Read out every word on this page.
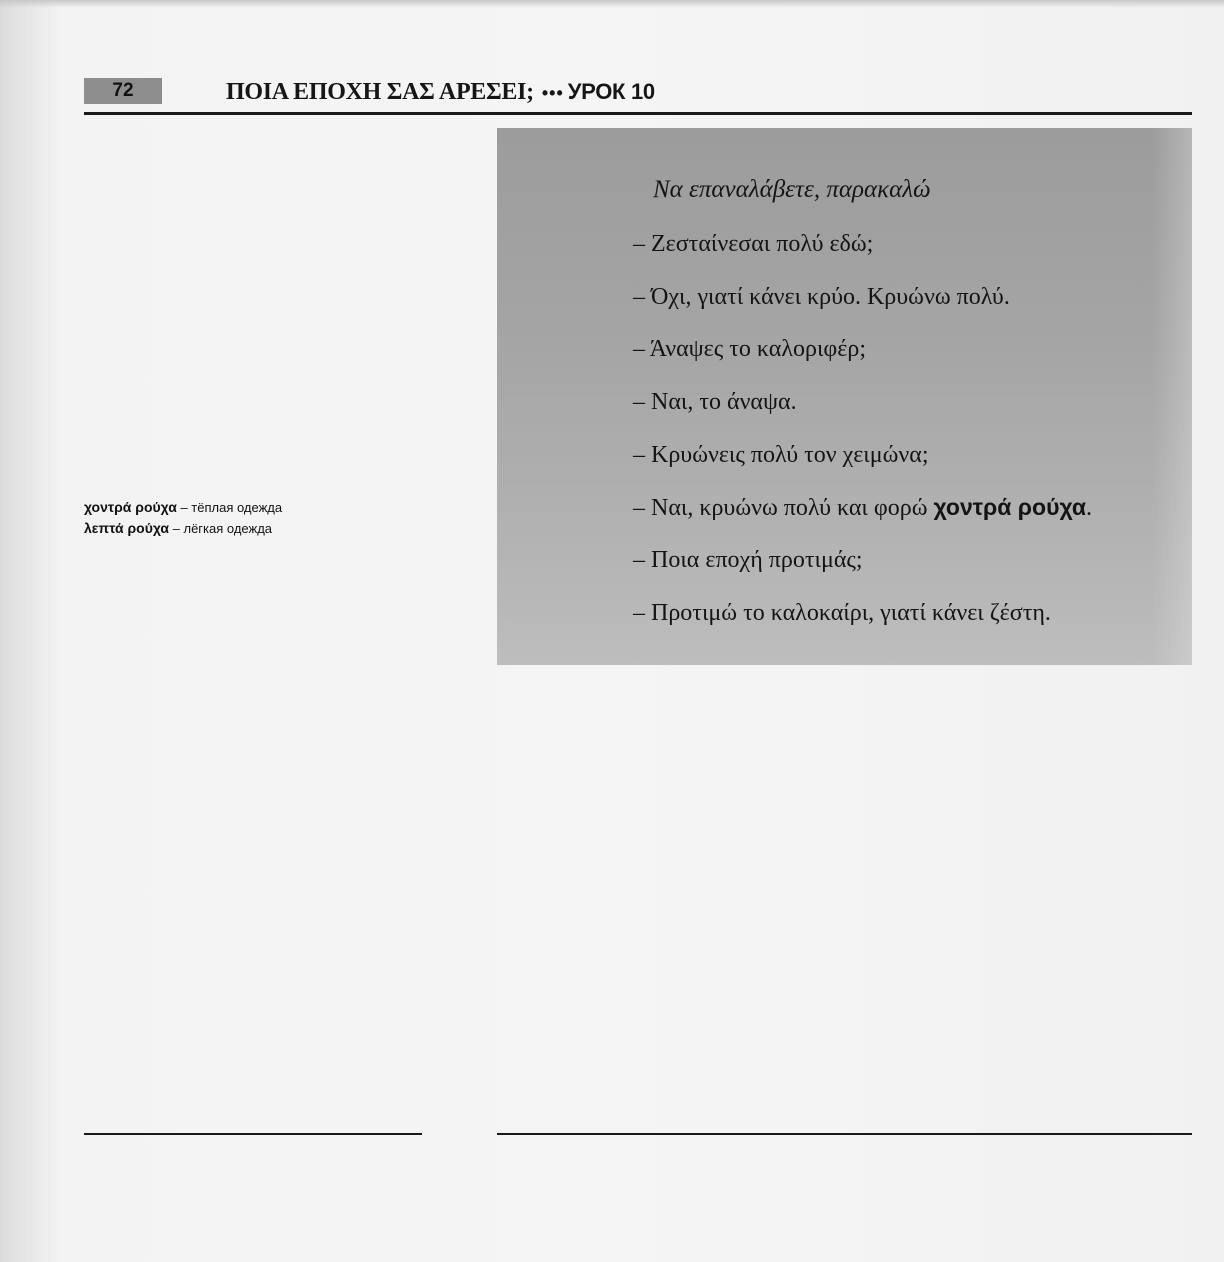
72	ΠΟΙΑ ΕΠΟΧΗ ΣΑΣ ΑΡΕΣΕΙ; ••• УРОК 10
Να επαναλάβετε, παρακαλώ
– Ζεσταίνεσαι πολύ εδώ;
– Όχι, γιατί κάνει κρύο. Κρυώνω πολύ.
– Άναψες το καλοριφέρ;
– Ναι, το άναψα.
– Κρυώνεις πολύ τον χειμώνα;
– Ναι, κρυώνω πολύ και φορώ χοντρά ρούχα.
– Ποια εποχή προτιμάς;
– Προτιμώ το καλοκαίρι, γιατί κάνει ζέστη.
χοντρά ρούχα – тёплая одежда
λεπτά ρούχα – лёгкая одежда
